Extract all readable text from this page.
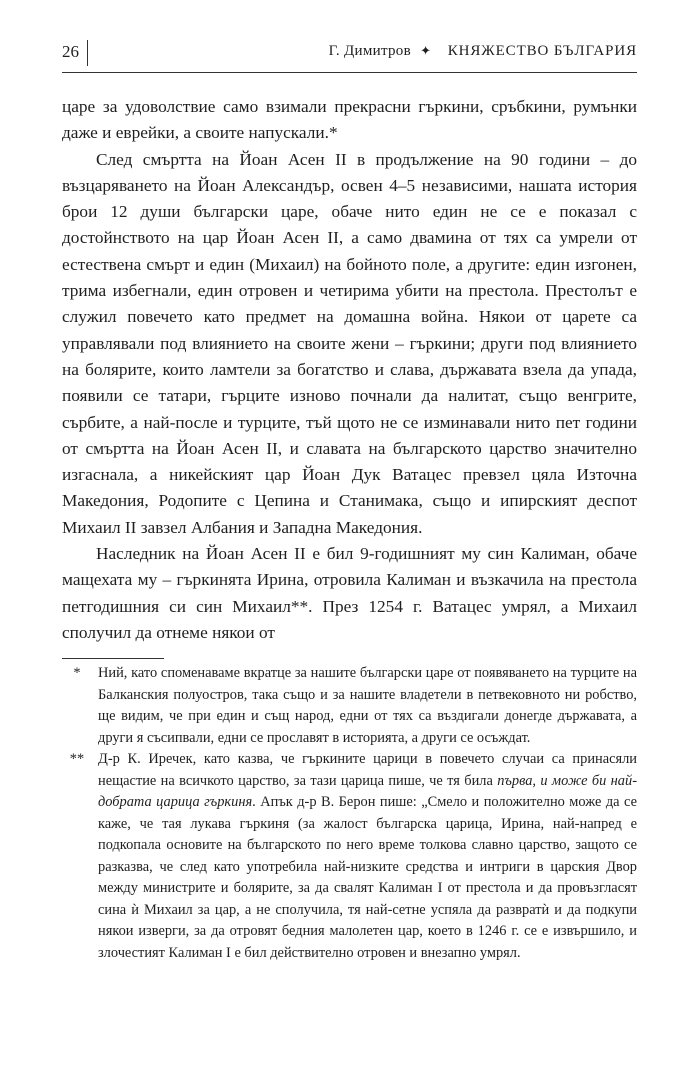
26	Г. Димитров ✦ КНЯЖЕСТВО БЪЛГАРИЯ

царе за удоволствие само взимали прекрасни гъркини, сръбкини, румънки даже и еврейки, а своите напускали.*

След смъртта на Йоан Асен II в продължение на 90 години – до възцаряването на Йоан Александър, освен 4–5 независими, нашата история брои 12 души български царе, обаче нито един не се е показал с достойнството на цар Йоан Асен II, а само двамина от тях са умрели от естествена смърт и един (Михаил) на бойното поле, а другите: един изгонен, трима избегнали, един отровен и четирима убити на престола. Престолът е служил повечето като предмет на домашна война. Някои от царете са управлявали под влиянието на своите жени – гъркини; други под влиянието на болярите, които ламтели за богатство и слава, държавата взела да упада, появили се татари, гърците изново почнали да налитат, също венгрите, сърбите, а най-после и турците, тъй щото не се изминавали нито пет години от смъртта на Йоан Асен II, и славата на българското царство значително изгаснала, а никейският цар Йоан Дук Ватацес превзел цяла Източна Македония, Родопите с Цепина и Станимака, също и ипирският деспот Михаил II завзел Албания и Западна Македония.

Наследник на Йоан Асен II е бил 9-годишният му син Калиман, обаче мащехата му – гъркинята Ирина, отровила Калиман и възкачила на престола петгодишния си син Михаил**. През 1254 г. Ватацес умрял, а Михаил сполучил да отнеме някои от

*	Ний, като споменаваме вкратце за нашите български царе от появяването на турците на Балканския полуостров, така също и за нашите владетели в петвековното ни робство, ще видим, че при един и същ народ, едни от тях са въздигали донегде държавата, а други я съсипвали, едни се прославят в историята, а други се осъждат.
** Д-р К. Иречек, като казва, че гъркините царици в повечето случаи са принасяли нещастие на всичкото царство, за тази царица пише, че тя била първа, и може би най-добрата царица гъркиня. Апък д-р В. Берон пише: „Смело и положително може да се каже, че тая лукава гъркиня (за жалост българска царица, Ирина, най-напред е подкопала основите на българското по него време толкова славно царство, защото се разказва, че след като употребила най-низките средства и интриги в царския Двор между министрите и болярите, за да свалят Калиман I от престола и да провъзгласят сина ѝ Михаил за цар, а не сполучила, тя най-сетне успяла да развратѝ и да подкупи някои изверги, за да отровят бедния малолетен цар, което в 1246 г. се е извършило, и злочестият Калиман I е бил действително отровен и внезапно умрял.
